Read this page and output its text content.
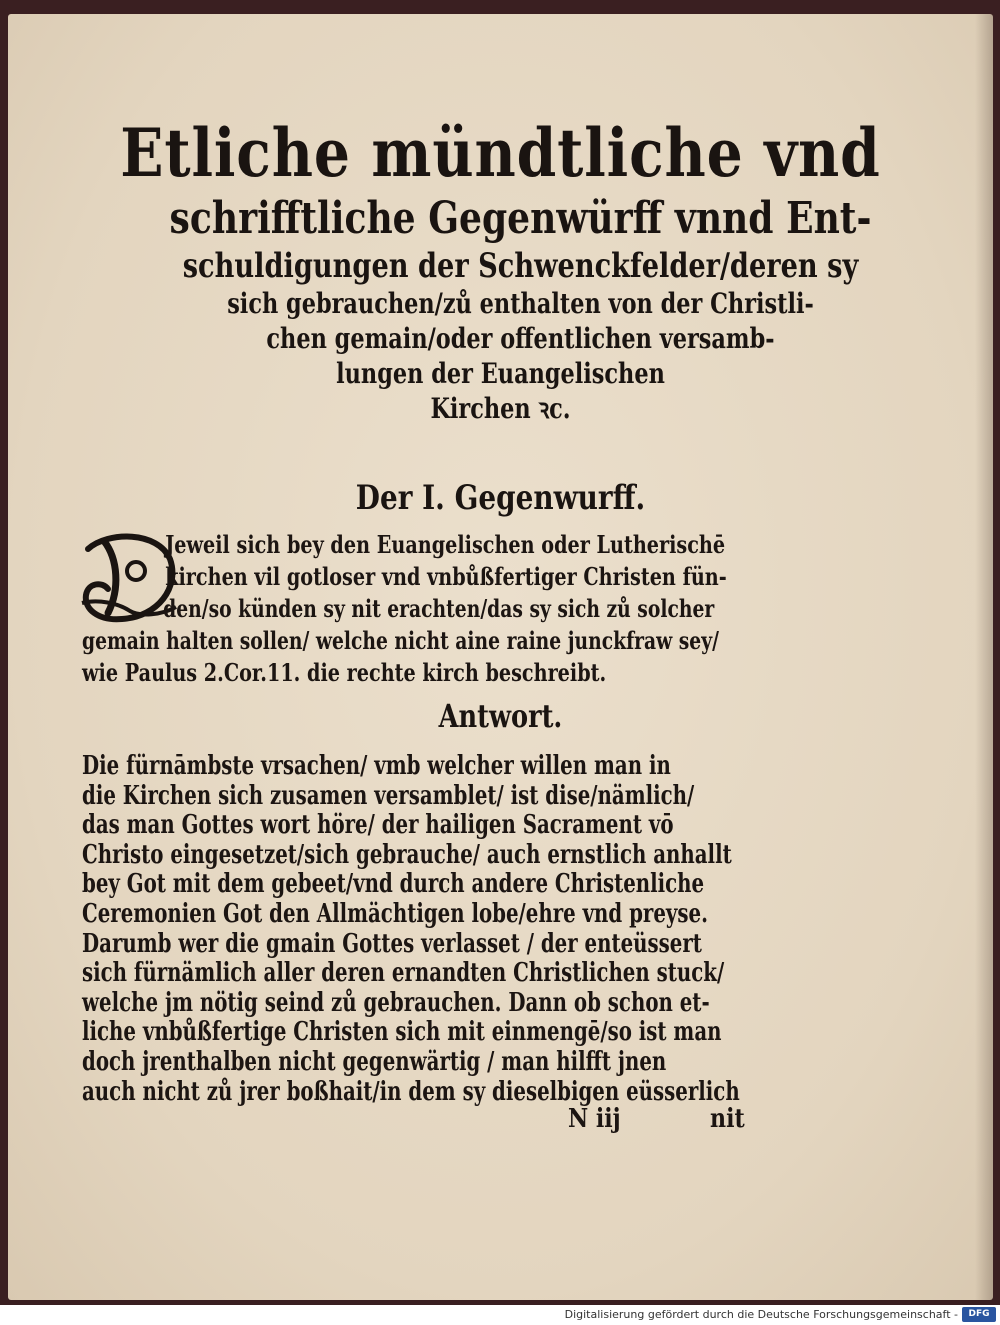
Etliche mündtliche vnd

schrifftliche Gegenwürff vnnd Ent-

schuldigungen der Schwenckfelder/deren sy

sich gebrauchen/zů enthalten von der Christli-

chen gemain/oder offentlichen versamb-

lungen der Euangelischen

Kirchen ꝛc.

Der I. Gegenwurff.
D
Jeweil sich bey den Euangelischen oder Lutherischē
kirchen vil gotloser vnd vnbůßfertiger Christen fün-
den/so künden sy nit erachten/das sy sich zů solcher
gemain halten sollen/ welche nicht aine raine junckfraw sey/
wie Paulus 2.Cor.11. die rechte kirch beschreibt.
Antwort.
Die fürnāmbste vrsachen/ vmb welcher willen man in
die Kirchen sich zusamen versamblet/ ist dise/nämlich/
das man Gottes wort höre/ der hailigen Sacrament vō
Christo eingesetzet/sich gebrauche/ auch ernstlich anhallt
bey Got mit dem gebeet/vnd durch andere Christenliche
Ceremonien Got den Allmächtigen lobe/ehre vnd preyse.
Darumb wer die gmain Gottes verlasset / der enteüssert
sich fürnämlich aller deren ernandten Christlichen stuck/
welche jm nötig seind zů gebrauchen. Dann ob schon et-
liche vnbůßfertige Christen sich mit einmengē/so ist man
doch jrenthalben nicht gegenwärtig / man hilfft jnen
auch nicht zů jrer boßhait/in dem sy dieselbigen eüsserlich
N iij	nit
Digitalisierung gefördert durch die Deutsche Forschungsgemeinschaft -	DFG
